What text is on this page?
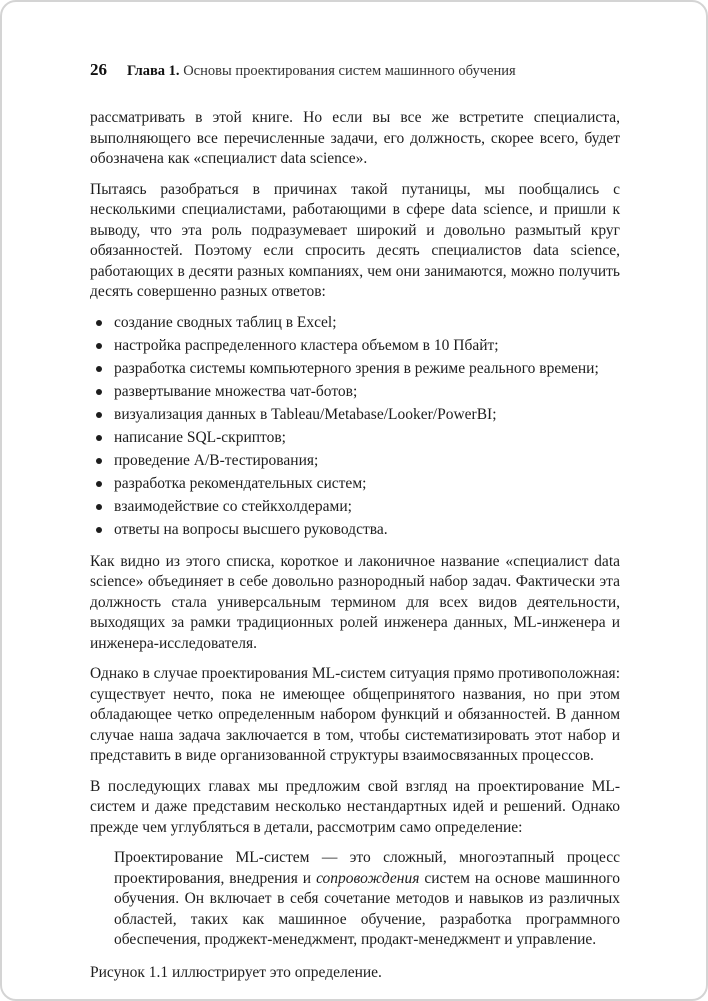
26 Глава 1. Основы проектирования систем машинного обучения

рассматривать в этой книге. Но если вы все же встретите специалиста, выполняющего все перечисленные задачи, его должность, скорее всего, будет обозначена как «специалист data science».

Пытаясь разобраться в причинах такой путаницы, мы пообщались с несколькими специалистами, работающими в сфере data science, и пришли к выводу, что эта роль подразумевает широкий и довольно размытый круг обязанностей. Поэтому если спросить десять специалистов data science, работающих в десяти разных компаниях, чем они занимаются, можно получить десять совершенно разных ответов:

создание сводных таблиц в Excel;
настройка распределенного кластера объемом в 10 Пбайт;
разработка системы компьютерного зрения в режиме реального времени;
развертывание множества чат-ботов;
визуализация данных в Tableau/Metabase/Looker/PowerBI;
написание SQL-скриптов;
проведение A/B-тестирования;
разработка рекомендательных систем;
взаимодействие со стейкхолдерами;
ответы на вопросы высшего руководства.

Как видно из этого списка, короткое и лаконичное название «специалист data science» объединяет в себе довольно разнородный набор задач. Фактически эта должность стала универсальным термином для всех видов деятельности, выходящих за рамки традиционных ролей инженера данных, ML-инженера и инженера-исследователя.

Однако в случае проектирования ML-систем ситуация прямо противоположная: существует нечто, пока не имеющее общепринятого названия, но при этом обладающее четко определенным набором функций и обязанностей. В данном случае наша задача заключается в том, чтобы систематизировать этот набор и представить в виде организованной структуры взаимосвязанных процессов.

В последующих главах мы предложим свой взгляд на проектирование ML-систем и даже представим несколько нестандартных идей и решений. Однако прежде чем углубляться в детали, рассмотрим само определение:

Проектирование ML-систем — это сложный, многоэтапный процесс проектирования, внедрения и сопровождения систем на основе машинного обучения. Он включает в себя сочетание методов и навыков из различных областей, таких как машинное обучение, разработка программного обеспечения, проджект-менеджмент, продакт-менеджмент и управление.

Рисунок 1.1 иллюстрирует это определение.
